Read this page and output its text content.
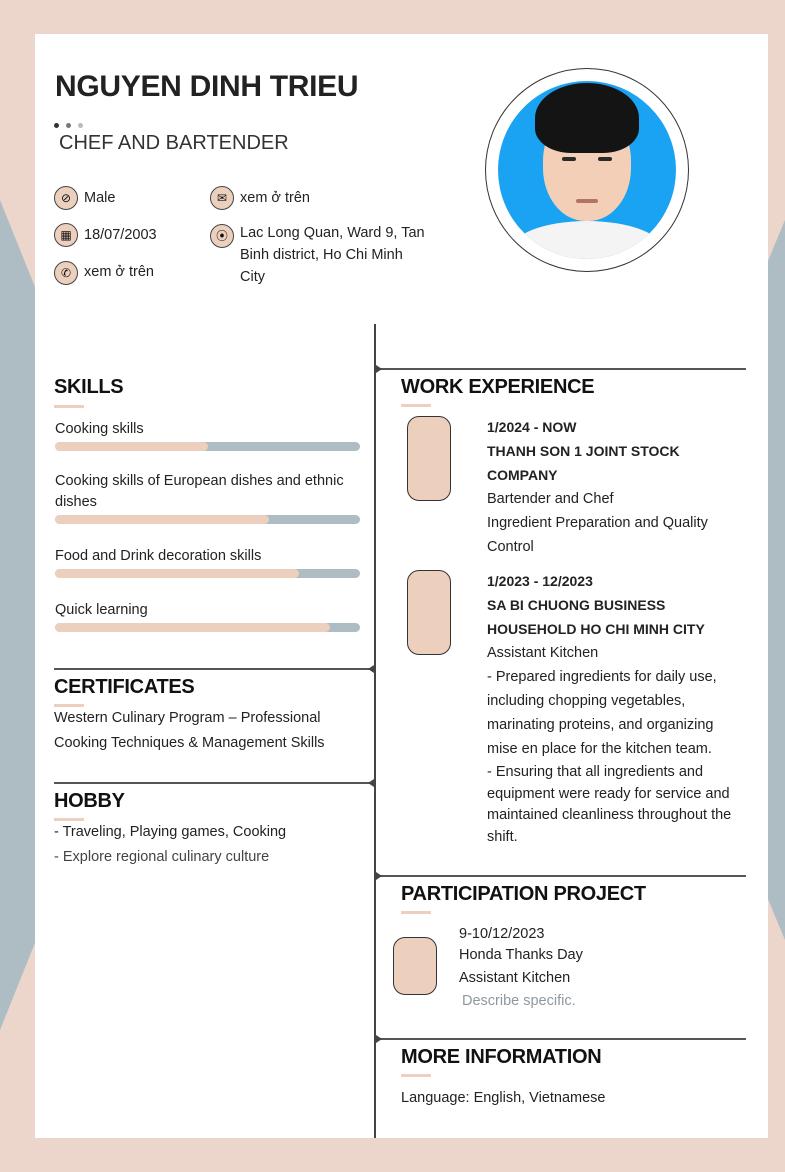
NGUYEN DINH TRIEU
CHEF AND BARTENDER
⊘ Male
▦ 18/07/2003
✆ xem ở trên
✉ xem ở trên
⦿ Lac Long Quan, Ward 9, Tan Binh district, Ho Chi Minh City
SKILLS
Cooking skills
Cooking skills of European dishes and ethnic dishes
Food and Drink decoration skills
Quick learning
CERTIFICATES
Western Culinary Program – Professional Cooking Techniques & Management Skills
HOBBY
- Traveling, Playing games, Cooking
- Explore regional culinary culture
WORK EXPERIENCE
1/2024 - NOW
THANH SON 1 JOINT STOCK COMPANY
Bartender and Chef
Ingredient Preparation and Quality Control
1/2023 - 12/2023
SA BI CHUONG BUSINESS HOUSEHOLD HO CHI MINH CITY
Assistant Kitchen
- Prepared ingredients for daily use, including chopping vegetables, marinating proteins, and organizing mise en place for the kitchen team.
- Ensuring that all ingredients and equipment were ready for service and maintained cleanliness throughout the shift.
PARTICIPATION PROJECT
9-10/12/2023
Honda Thanks Day
Assistant Kitchen
Describe specific.
MORE INFORMATION
Language: English, Vietnamese
